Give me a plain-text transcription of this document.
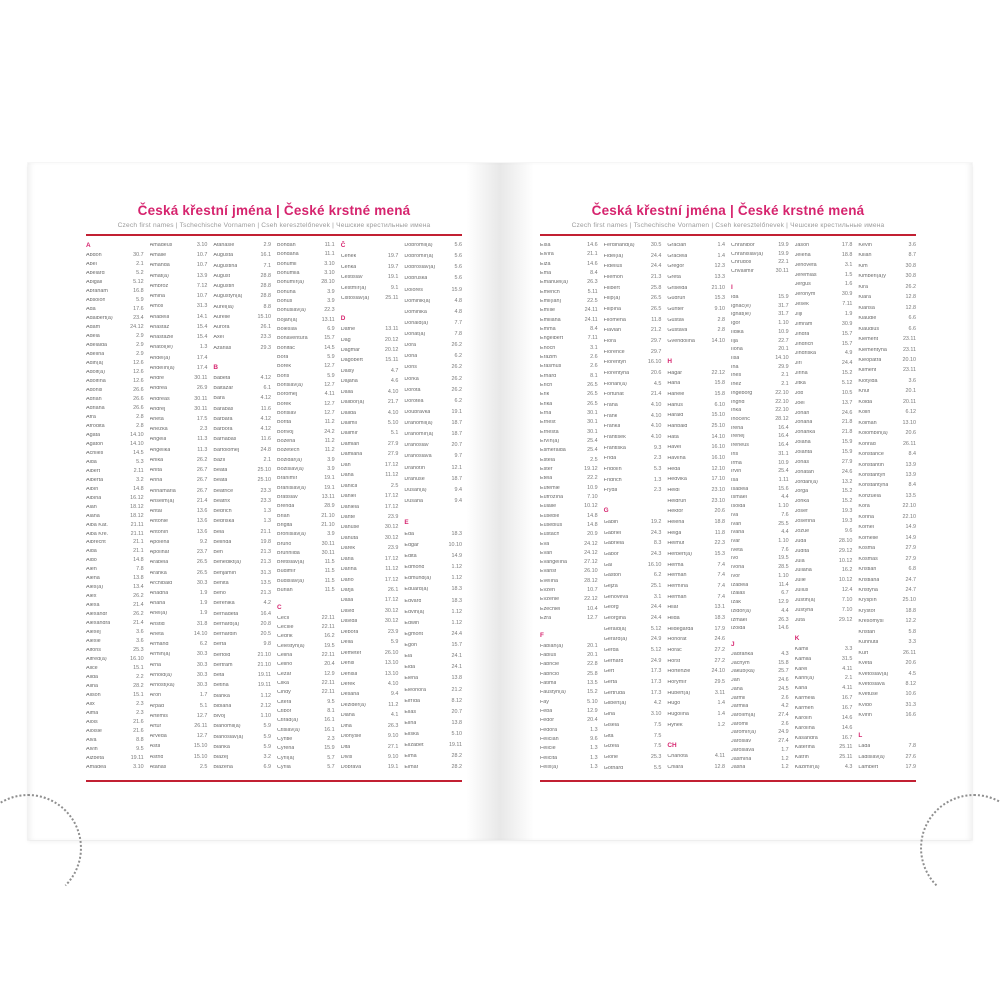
Česká křestní jména | České krstné mená
Czech first names | Tschechische Vornamen | Cseh keresztelőnevek | Чешские крестильные имена
A
Abdon	30.7
Abel	2.1
Abelard	5.2
Abigail	5.12
Abrahám	16.8
Absolon	5.9
Ada	17.6
Adalbert(a)	23.4
Adam	24.12
Adéla	2.9
Adelaida	2.9
Adelína	2.9
Adin(a)	12.6
Adolf(a)	12.6
Adolfína	12.6
Adonis	26.6
Adrian	26.6
Adriana	26.6
Afra	2.8
Afrodita	2.8
Agáta	14.10
Agaton	14.10
Achiles	14.5
Aida	5.3
Albert	2.11
Alberta	3.2
Albín	14.8
Albína	16.12
Alan	18.12
Alana	18.12
Alba Kat.	21.11
Alba Kre.	21.11
Albrecht	21.1
Alda	21.1
Aldo	14.8
Alen	7.8
Alena	13.8
Aleš(a)	13.4
Alex	26.2
Alexa	21.4
Alexandr	26.2
Alexandra	21.4
Alexej	3.6
Alexie	3.6
Alfons	25.3
Alfréd(a)	16.10
Alice	15.1
Alida	2.2
Alina	28.2
Alison	15.1
Alix	2.3
Alma	2.3
Alois	21.6
Aloisie	21.6
Alva	8.8
Alvin	9.5
Alžběta	19.11
Amadea	3.10
Amadeus	3.10
Amálie	10.7
Amanda	10.7
Amát(a)	13.9
Ambrož	7.12
Amina	10.7
Amos	31.3
Anabela	14.1
Anastáz	15.4
Anastázie	15.4
Anatol(ie)	1.3
Anděl(a)	17.4
Andělín(a)	17.4
André	30.11
Andrea	26.9
Andreas	30.11
Andrej	30.11
Aneta	17.5
Anežka	2.3
Angela	11.3
Angelika	11.3
Anika	26.2
Anita	26.7
Anna	26.7
Annamária	26.7
Anselm(a)	21.4
Antal	13.6
Antonie	13.6
Antonín	13.6
Apolena	9.2
Apolinář	23.7
Arabela	26.5
Aranka	26.5
Archibald	30.3
Ariadna	1.9
Ariana	1.9
Ariel(a)	1.9
Aristid	31.8
Arleta	14.10
Armand	6.2
Armin(a)	30.3
Arna	30.3
Arnold(a)	30.3
Arnošt(ka)	30.3
Aron	1.7
Arpád	5.1
Artemis	12.7
Artur	26.11
Arveda	12.7
Asta	15.10
Astrid	15.10
Atanas	2.5
Atanasie	2.9
Augusta	16.1
Augustina	7.1
August	28.8
Augustin	28.8
Augustýn(a)	28.8
Aurel(ia)	8.8
Aurélie	15.10
Aurora	26.1
Axel	23.3
Azariáš	29.3
B
Babeta	4.12
Baltazar	6.1
Bára	4.12
Barabáš	11.6
Barbara	4.12
Barbora	4.12
Barnabáš	11.6
Bartoloměj	24.8
Bazil	2.1
Beata	25.10
Beáta	25.10
Beatrice	23.3
Beatrix	23.3
Bedřich	1.3
Bedřiška	1.3
Běla	21.1
Belinda	19.8
Ben	21.3
Benedikt(a)	21.3
Benjamín	31.3
Benita	13.5
Beno	21.3
Berenika	4.2
Bernadeta	16.4
Bernard(a)	20.8
Bernardin	20.5
Berta	9.8
Bertold	21.10
Bertram	21.10
Běta	19.11
Betina	19.11
Bianka	1.12
Bibiana	2.12
Bivoj	1.10
Blahomil(a)	5.9
Blahoslav(a)	5.9
Blanka	5.9
Blažej	3.2
Blažena	6.9
Bohdan	11.1
Bohdana	11.1
Bohumil	3.10
Bohumila	3.10
Bohumír(a)	28.10
Bohuna	3.9
Bohuš	3.9
Bohuslav(a)	22.3
Bojan(a)	13.11
Boleslav	6.9
Bonaventura	15.7
Bonifác	14.5
Bora	5.9
Borek	12.7
Boris	5.9
Borislav(a)	12.7
Boromej	4.11
Bořek	12.7
Bořislav	12.7
Bořita	11.2
Bořivoj	24.2
Božena	11.2
Božetěch	11.2
Božidar(a)	3.9
Božislav(a)	3.9
Branimír	19.1
Branislav(a)	19.1
Bratislav	13.11
Brenda	28.9
Brian	21.10
Brigita	21.10
Bronislav(a)	3.9
Bruno	30.11
Brunhilda	30.11
Břetislav(a)	11.5
Budimír	11.5
Budislav(a)	11.5
Burian	11.5
C
Cecil	22.11
Cecílie	22.11
Cedrik	16.2
Celestýn(a)	19.5
Celina	22.11
Celino	20.4
Cézar	12.9
Cilka	22.11
Cindy	22.11
Citera	9.5
Ctibor	8.1
Ctirad(a)	16.1
Ctislav(a)	16.1
Cyntie	2.3
Cyrena	15.9
Cyril(a)	5.7
Cyrila	5.7
Č
Čeněk	19.7
Čeňka	19.7
Čestislav	19.1
Čestmír(a)	9.1
Čistoslav(a)	25.11
D
Dafne	13.11
Dag	20.12
Dagmar	20.12
Dagobert	15.11
Daisy	4.7
Dajana	4.6
Dalia	4.10
Dalibor(a)	21.7
Dalida	4.10
Dalimil	5.10
Dalimír	5.1
Damián	27.9
Damiána	27.9
Dan	17.12
Dana	11.12
Danica	2.5
Daniel	17.12
Daniela	17.12
Dante	23.9
Danuše	30.12
Danuta	30.12
Darek	23.9
Daria	17.12
Darina	11.12
Dario	17.12
Darja	26.1
Dáša	17.12
David	30.12
Davida	30.12
Debora	23.9
Delia	5.9
Demeter	26.10
Denis	13.10
Denisa	13.10
Derek	4.10
Desana	9.4
Dezider(a)	11.2
Diana	4.1
Dina	26.3
Dionýsie	9.10
Dita	27.1
Diviš	9.10
Dobrava	19.1
Dobromil(a)	5.6
Dobromír(a)	5.6
Dobroslav(a)	5.6
Dobruška	5.6
Dolores	15.9
Dominik(a)	4.8
Dominika	4.8
Donald(a)	7.7
Donát(a)	7.8
Dora	26.2
Doria	6.2
Doris	26.2
Dorka	26.2
Dorota	26.2
Dorotea	6.2
Doubravka	19.1
Drahomil(a)	18.7
Drahomír(a)	18.7
Drahoslav	20.7
Drahoslava	9.7
Drahotín	12.1
Drahuše	18.7
Dušan(a)	9.4
Dušana	9.4
E
Eda	18.3
Edgar	10.10
Edita	14.9
Edmond	1.12
Edmund(a)	1.12
Eduard(a)	18.3
Edvard	18.3
Edvin(a)	1.12
Edwin	1.12
Egmont	24.4
Egon	15.7
Ela	24.1
Elda	24.1
Elena	13.8
Eleonora	21.2
Elfrída	8.12
Eliáš	20.7
Elina	13.8
Eliška	5.10
Elizabet	19.11
Elma	28.2
Elmar	28.2
Česká křestní jména | České krstné mená
Czech first names | Tschechische Vornamen | Cseh keresztelőnevek | Чешские крестильные имена
Elsa	14.6
Elvíra	21.1
Elza	14.6
Ema	8.4
Emanuel(a)	26.3
Emerich	5.11
Emil(ián)	22.5
Emílie	24.11
Emiliána	24.11
Emma	8.4
Engelbert	7.11
Enoch	3.1
Erazim	2.6
Erasmus	2.6
Erhard	8.1
Erich	26.5
Erik	26.5
Erika	26.5
Erna	30.1
Ernest	30.1
Ernesta	30.1
Ervín(a)	25.4
Esmeralda	25.4
Estela	2.5
Ester	19.12
Etela	22.2
Eufemie	10.9
Eufrozína	7.10
Eulálie	10.12
Eusebie	14.8
Eusebius	14.8
Eustach	20.9
Eva	24.12
Evan	24.12
Evangelína	27.12
Evarist	26.10
Evelína	28.12
Evžen	10.7
Evženie	22.12
Ezechiel	10.4
Ezra	12.7
F
Fabián(a)	20.1
Fabius	20.1
Fabricie	22.8
Fabricio	25.8
Fatima	13.5
Faustýn(a)	15.2
Fay	5.10
Féba	12.9
Fedor	20.4
Fedora	1.3
Felicián	9.6
Felicie	1.3
Felicita	1.3
Felix(a)	1.3
Ferdinand(a)	30.5
Fidel(ia)	24.4
Fidelius	24.4
Filemon	21.3
Filibert	25.8
Filip(a)	26.5
Filipína	26.5
Filoména	11.8
Flavián	21.2
Flora	29.7
Florence	29.7
Florentýn	16.10
Florentýna	20.6
Florián(a)	4.5
Fortunát	21.4
Fráňa	4.10
Frank	4.10
Franka	4.10
František	4.10
Františka	9.3
Frída	2.3
Fridolín	5.3
Fridrich	1.3
Frýda	2.3
G
Gabin	19.2
Gabriel	24.3
Gabriela	8.3
Gábor	24.3
Gál	16.10
Gaston	6.2
Gejza	25.1
Genovéva	3.1
Georg	24.4
Georgina	24.4
Gerald(a)	5.12
Gerard(a)	24.9
Gerda	5.12
Gerhard	24.9
Gert	17.3
Gerta	17.3
Gertruda	17.3
Gilbert(a)	4.2
Gina	3.10
Gisela	7.5
Gita	7.5
Gizela	7.5
Glorie	25.3
Gothard	5.5
Gracián	1.4
Graciela	1.4
Gregor	12.3
Gréta	13.3
Griselda	21.10
Gudrun	15.3
Gunter	9.10
Gustav	2.8
Gustava	2.8
Gvendolína	14.10
H
Hagar	22.12
Hana	15.8
Hanele	15.8
Hanuš	6.10
Harald	15.10
Haribald	25.10
Háta	14.10
Havel	16.10
Havlína	16.10
Heda	12.10
Hedvika	17.10
Heidi	23.10
Heidrun	23.10
Hektor	20.6
Helena	18.8
Helga	11.8
Helmut	22.3
Herbert(a)	15.3
Herma	7.4
Herman	7.4
Hermína	7.4
Heřman	7.4
Hilar	13.1
Hilda	18.3
Hildegarda	17.9
Honorát	24.6
Horác	27.2
Horst	27.2
Hortenzie	24.10
Horymír	29.5
Hubert(a)	3.11
Hugo	1.4
Hugolína	1.4
Hynek	1.2
CH
Charlota	4.11
Chiara	12.8
Chranibor	19.9
Chranislav(a)	19.9
Chrudoš	22.1
Chvalimír	30.11
I
Ida	15.9
Ignác(e)	31.7
Ignát(ie)	31.7
Igor	1.10
Ildika	10.9
Ilja	22.7
Ilona	20.1
Ilsa	14.10
Ina	29.9
Ines	2.1
Inéz	2.1
Ingeborg	22.10
Ingrid	22.10
Inka	22.10
Inocenc	28.12
Irena	16.4
Irenej	16.4
Ireneus	16.4
Iris	31.1
Irma	10.9
Irvin	25.4
Isa	1.11
Isabela	15.6
Ismael	4.4
Isolda	1.10
Iva	7.6
Ivan	25.5
Ivana	4.4
Ivar	1.10
Iveta	7.6
Ivo	19.5
Ivona	28.5
Ivor	1.10
Izabela	11.4
Izaiáš	6.7
Izák	12.9
Izidor(a)	4.4
Izmael	26.3
Izolda	14.6
J
Jadranka	4.3
Jáchym	15.8
Jakub(ka)	25.7
Jan	24.6
Jana	24.5
Jarmil	2.6
Jarmila	4.2
Jarolím(a)	27.4
Jaromil	2.6
Jaromír(a)	24.9
Jaroslav	27.4
Jaroslava	1.7
Jasmína	1.2
Jasna	1.2
Jasoň	17.8
Jelena	18.8
Jenovéfa	3.1
Jeremiáš	1.5
Jerguš	1.6
Jeroným	30.9
Ješek	7.11
Jiljí	1.9
Jimram	30.9
Jindra	15.7
Jindřich	15.7
Jindřiška	4.9
Jiří	24.4
Jiřina	15.2
Jitka	5.12
Job	10.5
Joel	13.7
Johan	24.6
Johana	21.8
Johanka	21.8
Jolana	15.9
Jolanta	15.9
Jonáš	27.9
Jonatan	24.6
Jordan(a)	13.2
Jorga	15.2
Jorika	15.2
Josef	19.3
Josefína	19.3
Jozue	9.6
Juda	28.10
Judita	29.12
Jula	10.12
Juliána	16.2
Julie	10.12
Julius	12.4
Justin(a)	7.10
Justýna	7.10
Juta	29.12
K
Kamil	3.3
Kamila	31.5
Karel	4.11
Karin(a)	2.1
Karla	4.11
Karmela	16.7
Karmen	16.7
Karolín	14.6
Karolína	14.6
Kasandra	16.7
Kateřina	25.11
Katrin	25.11
Kazimír(a)	4.3
Kevin	3.6
Kilián	8.7
Kim	30.8
Kimberl(a)y	30.8
Kira	26.2
Klára	12.8
Klarisa	12.8
Klaudie	6.6
Klaudius	6.6
Klement	23.11
Klementýna	23.11
Kleopatra	20.10
Kliment	23.11
Klotylda	3.6
Knut	20.1
Kolda	20.11
Kolin	6.12
Kolman	13.10
Kolombín(a)	20.6
Konrád	26.11
Konstance	8.4
Konstantin	13.9
Konstantýn	13.9
Konstantýna	8.4
Konzuela	13.5
Kora	22.10
Korina	22.10
Kornel	14.9
Kornélie	14.9
Kosma	27.9
Kosmas	27.9
Kristián	6.8
Kristiána	24.7
Kristýna	24.7
Kryšpín	25.10
Kryštof	18.8
Křesomysl	12.2
Křištan	5.8
Kunhuta	3.3
Kurt	26.11
Květa	20.6
Květoslav(a)	4.5
Květoslava	8.12
Květuše	10.6
Kvido	31.3
Kvirin	16.6
L
Lada	7.8
Ladislav(a)	27.6
Lambert	17.9
